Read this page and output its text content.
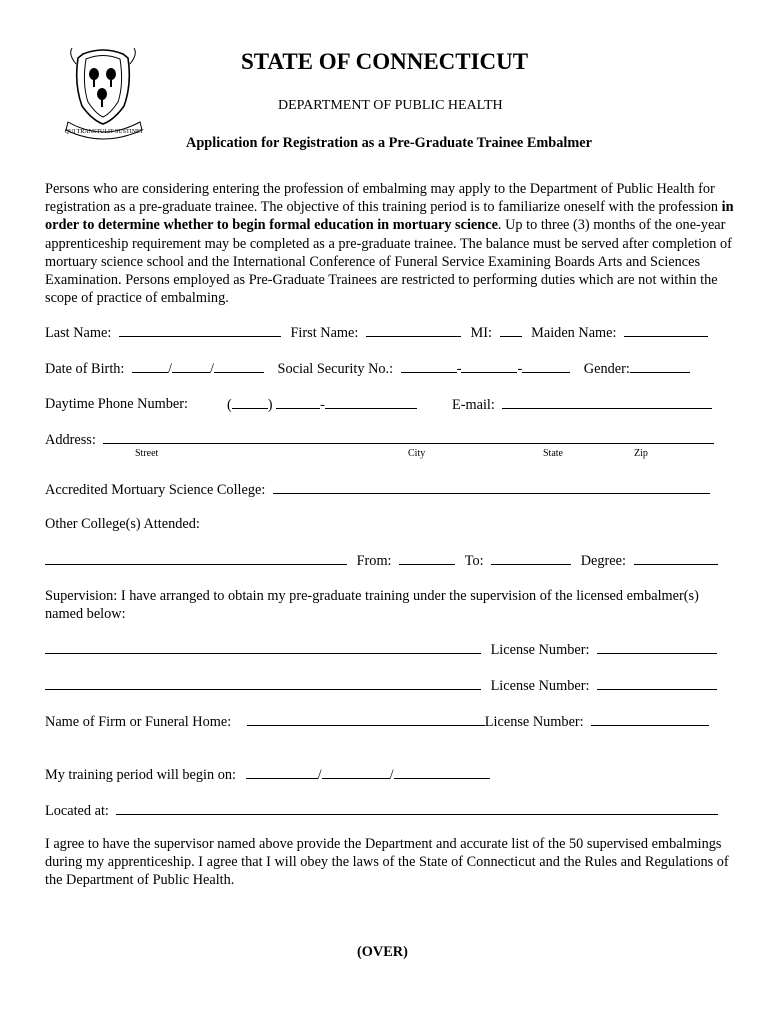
QUI TRANSTULIT SUSTINET
STATE OF CONNECTICUT
DEPARTMENT OF PUBLIC HEALTH
Application for Registration as a Pre-Graduate Trainee Embalmer
Persons who are considering entering the profession of embalming may apply to the Department of Public Health for registration as a pre-graduate trainee. The objective of this training period is to familiarize oneself with the profession in order to determine whether to begin formal education in mortuary science. Up to three (3) months of the one-year apprenticeship requirement may be completed as a pre-graduate trainee. The balance must be served after completion of mortuary science school and the International Conference of Funeral Service Examining Boards Arts and Sciences Examination. Persons employed as Pre-Graduate Trainees are restricted to performing duties which are not within the scope of practice of embalming.
Last Name:	First Name:	MI:	Maiden Name:
Date of Birth:	/	/	Social Security No.:	-	-	Gender:
Daytime Phone Number:	(	)	-	E-mail:
Address:
Street	City	State	Zip
Accredited Mortuary Science College:
Other College(s) Attended:
From:	To:	Degree:
Supervision: I have arranged to obtain my pre-graduate training under the supervision of the licensed embalmer(s) named below:
License Number:
License Number:
Name of Firm or Funeral Home:	License Number:
My training period will begin on:	/	/
Located at:
I agree to have the supervisor named above provide the Department and accurate list of the 50 supervised embalmings during my apprenticeship. I agree that I will obey the laws of the State of Connecticut and the Rules and Regulations of the Department of Public Health.
(OVER)
